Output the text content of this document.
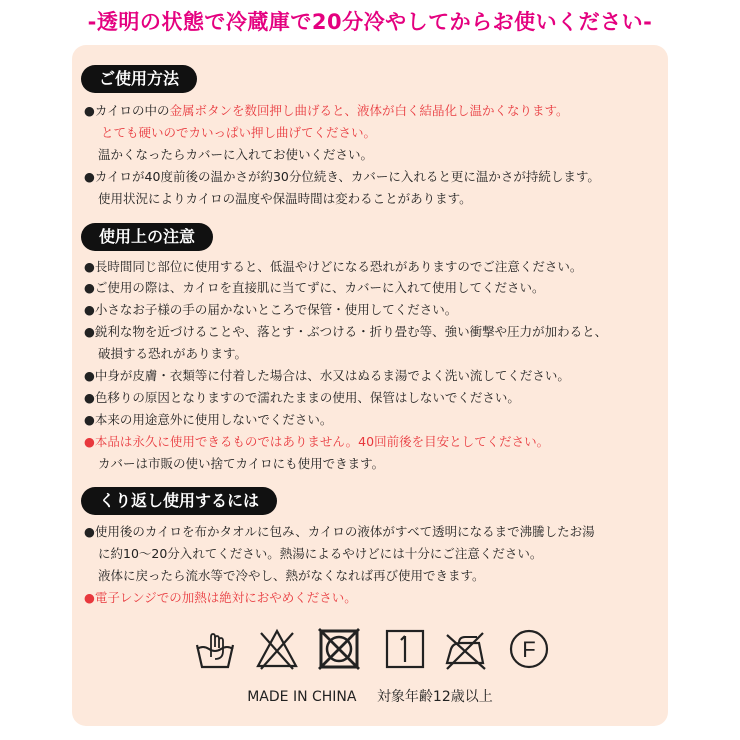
-透明の状態で冷蔵庫で20分冷やしてからお使いください-
ご使用方法
●カイロの中の金属ボタンを数回押し曲げると、液体が白く結晶化し温かくなります。
とても硬いのでカいっぱい押し曲げてください。
温かくなったらカバーに入れてお使いください。
●カイロが40度前後の温かさが約30分位続き、カバーに入れると更に温かさが持続します。
使用状況によりカイロの温度や保温時間は変わることがあります。
使用上の注意
●長時間同じ部位に使用すると、低温やけどになる恐れがありますのでご注意ください。
●ご使用の際は、カイロを直接肌に当てずに、カバーに入れて使用してください。
●小さなお子様の手の届かないところで保管・使用してください。
●鋭利な物を近づけることや、落とす・ぶつける・折り畳む等、強い衝撃や圧力が加わると、
破損する恐れがあります。
●中身が皮膚・衣類等に付着した場合は、水又はぬるま湯でよく洗い流してください。
●色移りの原因となりますので濡れたままの使用、保管はしないでください。
●本来の用途意外に使用しないでください。
●本品は永久に使用できるものではありません。40回前後を目安としてください。
カバーは市販の使い捨てカイロにも使用できます。
くり返し使用するには
●使用後のカイロを布かタオルに包み、カイロの液体がすべて透明になるまで沸騰したお湯
に約10～20分入れてください。熱湯によるやけどには十分にご注意ください。
液体に戻ったら流水等で冷やし、熱がなくなれば再び使用できます。
●電子レンジでの加熱は絶対におやめください。
F
MADE IN CHINA 対象年齢12歳以上
